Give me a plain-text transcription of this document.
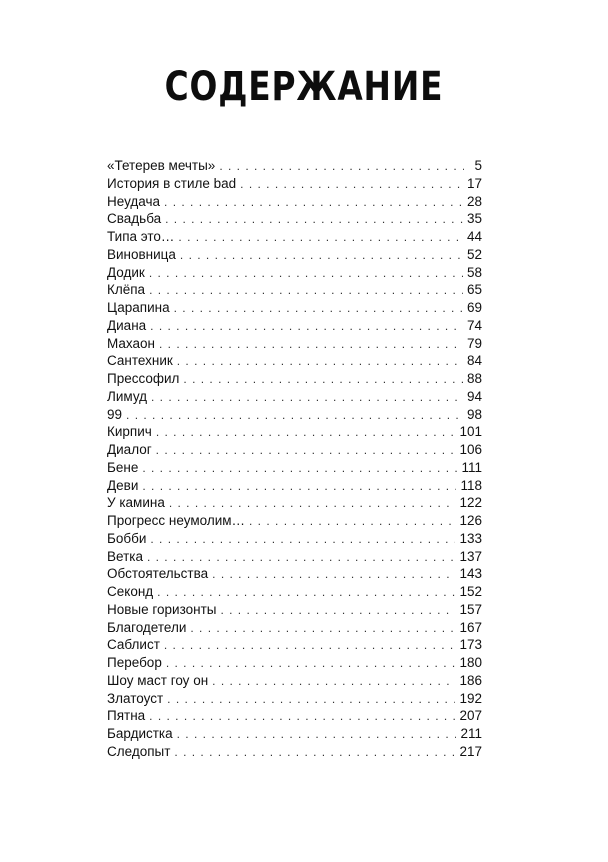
СОДЕРЖАНИЕ
«Тетерев мечты» . . .	5
История в стиле bad . . .	17
Неудача . . .	28
Свадьба . . .	35
Типа это… . . .	44
Виновница . . .	52
Додик . . .	58
Клёпа . . .	65
Царапина . . .	69
Диана . . .	74
Махаон . . .	79
Сантехник . . .	84
Прессофил . . .	88
Лимуд . . .	94
99 . . .	98
Кирпич . . .	101
Диалог . . .	106
Бене . . .	111
Деви . . .	118
У камина . . .	122
Прогресс неумолим… . . .	126
Бобби . . .	133
Ветка . . .	137
Обстоятельства . . .	143
Секонд . . .	152
Новые горизонты . . .	157
Благодетели . . .	167
Саблист . . .	173
Перебор . . .	180
Шоу маст гоу он . . .	186
Златоуст . . .	192
Пятна . . .	207
Бардистка . . .	211
Следопыт . . .	217
